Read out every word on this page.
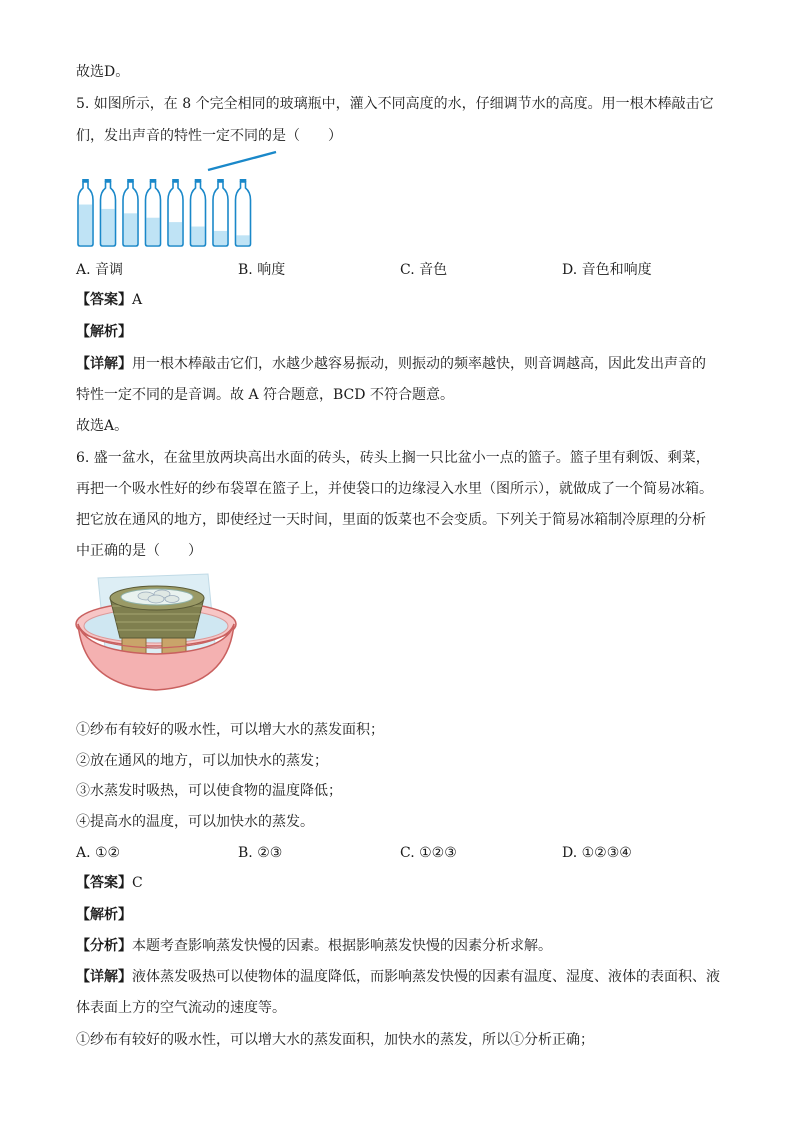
故选D。
5. 如图所示，在 8 个完全相同的玻璃瓶中，灌入不同高度的水，仔细调节水的高度。用一根木棒敲击它
们，发出声音的特性一定不同的是（　　）
A. 音调	B. 响度	C. 音色	D. 音色和响度
【答案】A
【解析】
【详解】用一根木棒敲击它们，水越少越容易振动，则振动的频率越快，则音调越高，因此发出声音的
特性一定不同的是音调。故 A 符合题意，BCD 不符合题意。
故选A。
6. 盛一盆水，在盆里放两块高出水面的砖头，砖头上搁一只比盆小一点的篮子。篮子里有剩饭、剩菜，
再把一个吸水性好的纱布袋罩在篮子上，并使袋口的边缘浸入水里（图所示），就做成了一个简易冰箱。
把它放在通风的地方，即使经过一天时间，里面的饭菜也不会变质。下列关于简易冰箱制冷原理的分析
中正确的是（　　）
①纱布有较好的吸水性，可以增大水的蒸发面积；
②放在通风的地方，可以加快水的蒸发；
③水蒸发时吸热，可以使食物的温度降低；
④提高水的温度，可以加快水的蒸发。
A. ①②	B. ②③	C. ①②③	D. ①②③④
【答案】C
【解析】
【分析】本题考查影响蒸发快慢的因素。根据影响蒸发快慢的因素分析求解。
【详解】液体蒸发吸热可以使物体的温度降低，而影响蒸发快慢的因素有温度、湿度、液体的表面积、液
体表面上方的空气流动的速度等。
①纱布有较好的吸水性，可以增大水的蒸发面积，加快水的蒸发，所以①分析正确；
